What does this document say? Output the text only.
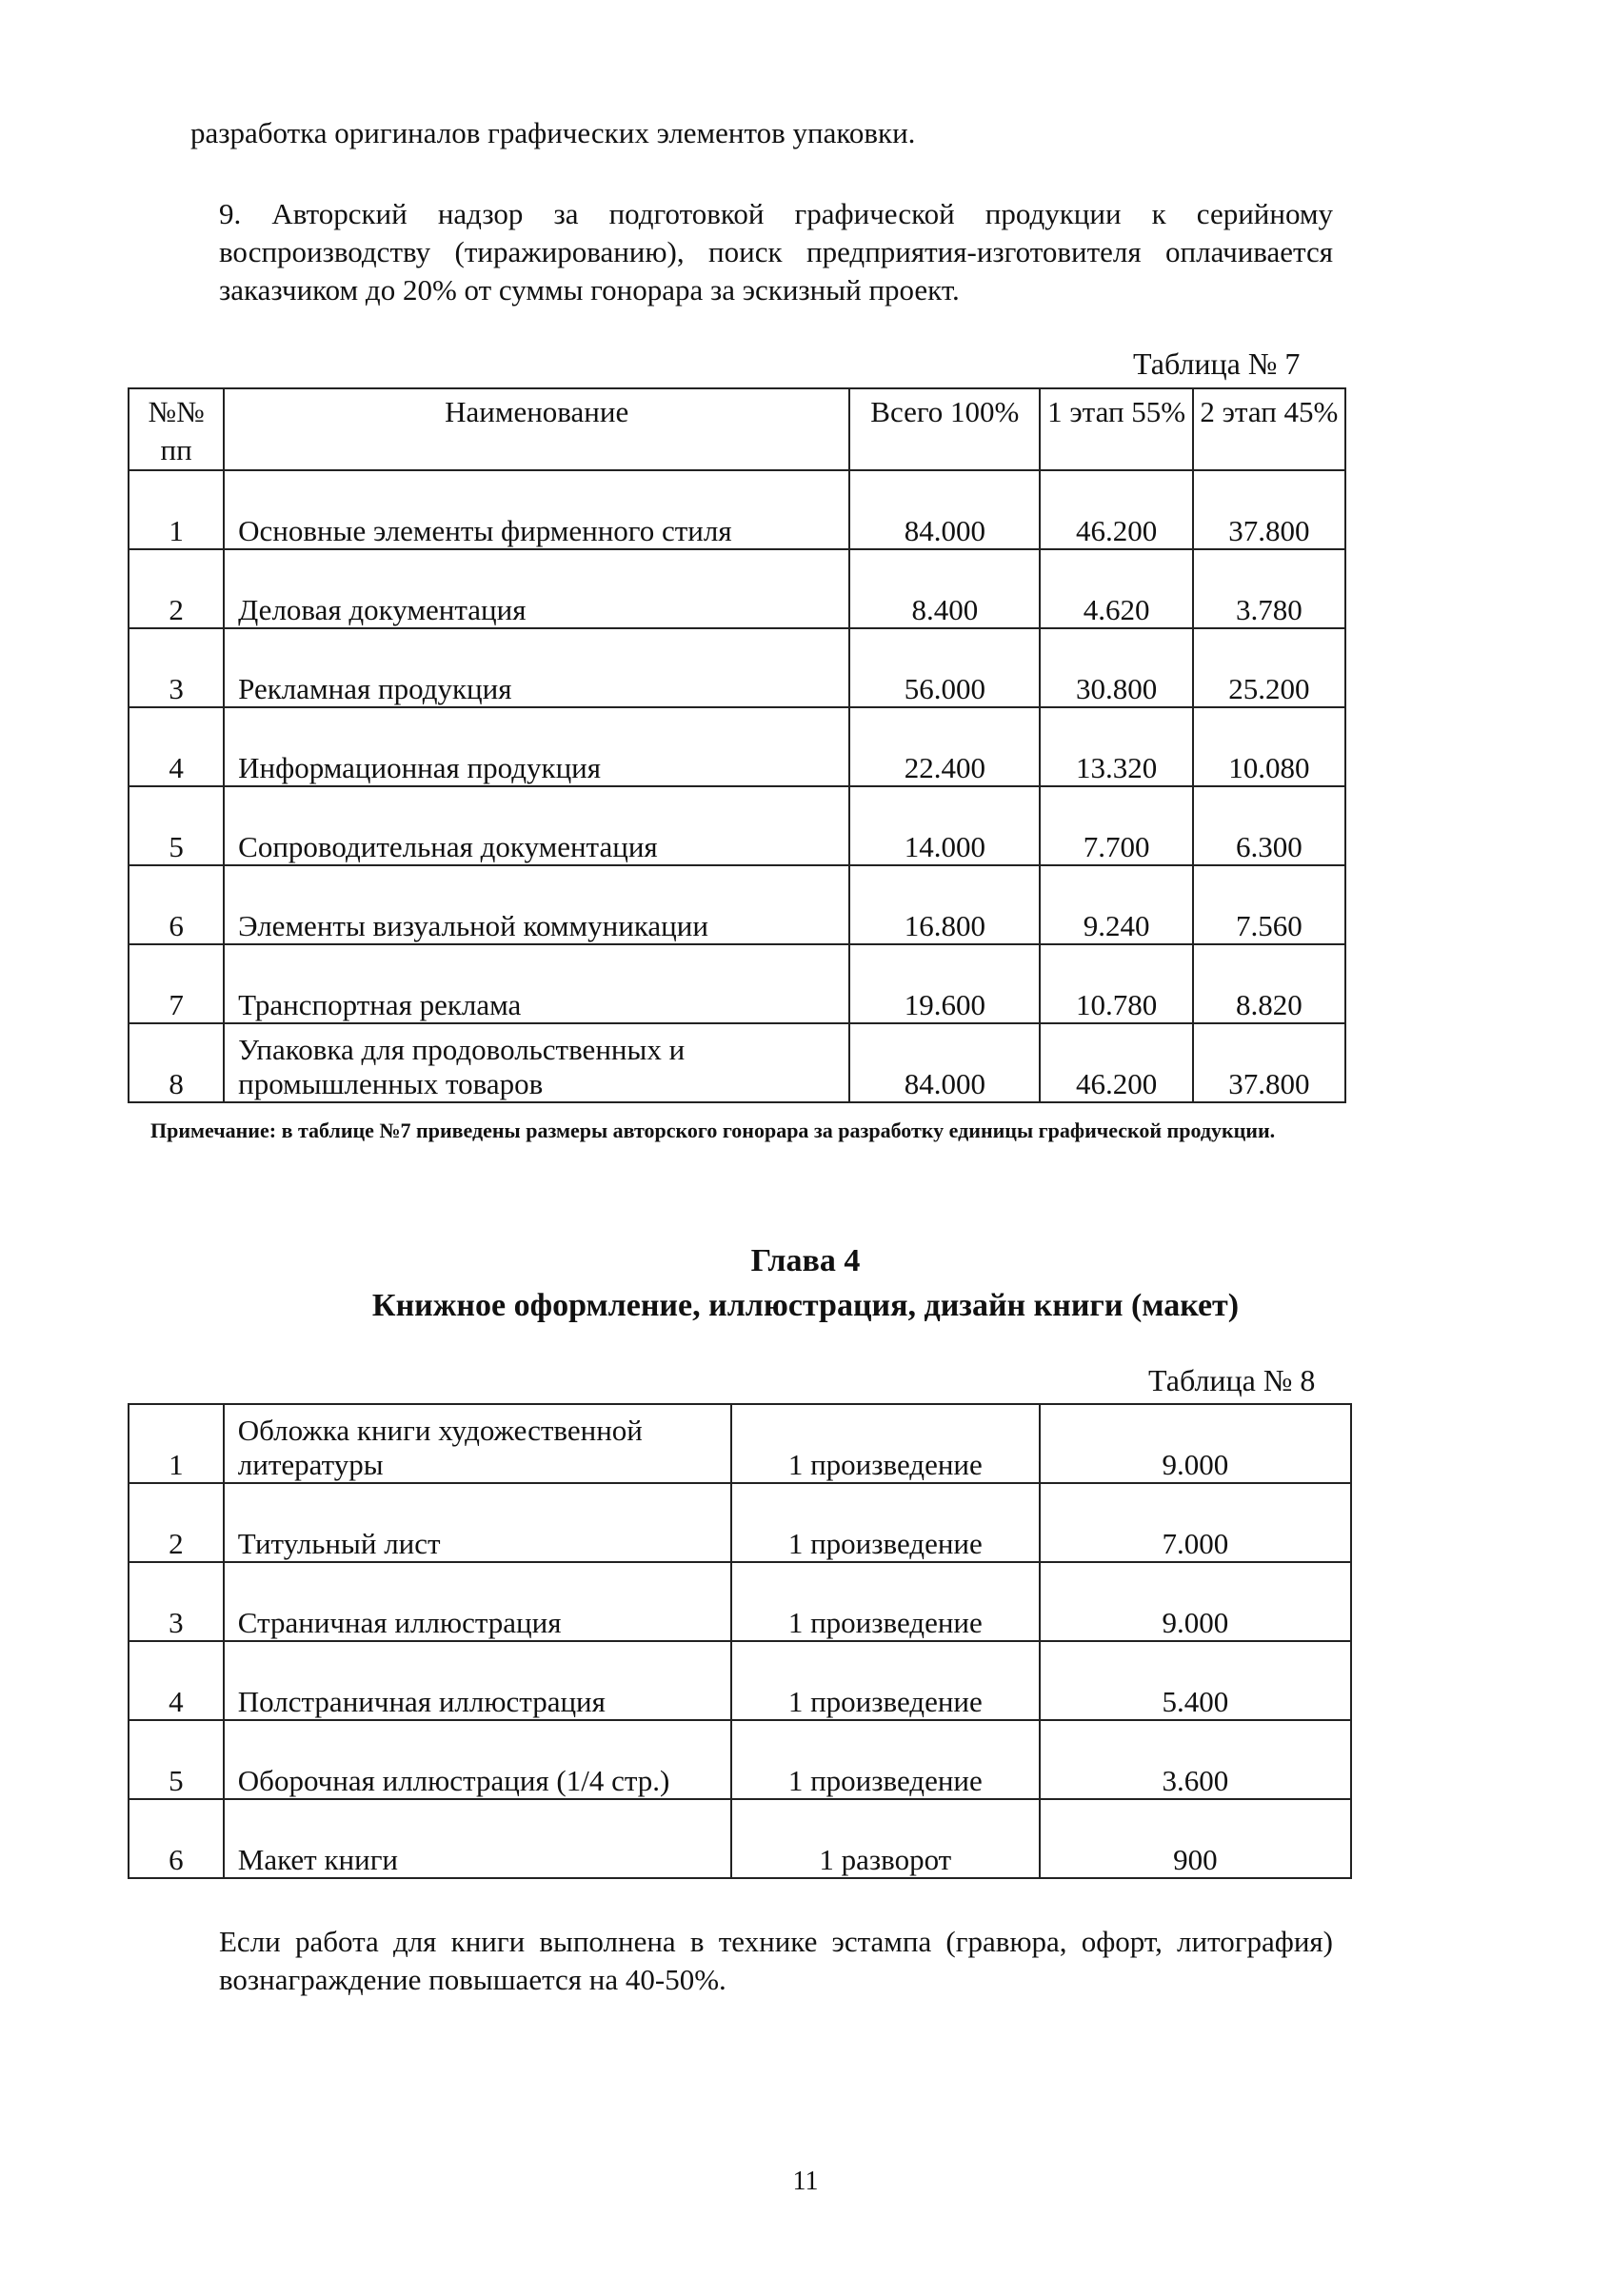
разработка оригиналов графических элементов упаковки.
9. Авторский надзор за подготовкой графической продукции к серийному воспроизводству (тиражированию), поиск предприятия-изготовителя оплачивается заказчиком до 20% от суммы гонорара за эскизный проект.
Таблица № 7
№№ пп	Наименование	Всего 100%	1 этап 55%	2 этап 45%
1	Основные элементы фирменного стиля	84.000	46.200	37.800
2	Деловая документация	8.400	4.620	3.780
3	Рекламная продукция	56.000	30.800	25.200
4	Информационная продукция	22.400	13.320	10.080
5	Сопроводительная документация	14.000	7.700	6.300
6	Элементы визуальной коммуникации	16.800	9.240	7.560
7	Транспортная реклама	19.600	10.780	8.820
8	Упаковка для продовольственных и промышленных товаров	84.000	46.200	37.800
Примечание: в таблице №7 приведены размеры авторского гонорара за разработку единицы графической продукции.
Глава 4
Книжное оформление, иллюстрация, дизайн книги (макет)
Таблица № 8
1	Обложка книги художественной литературы	1 произведение	9.000
2	Титульный лист	1 произведение	7.000
3	Страничная иллюстрация	1 произведение	9.000
4	Полстраничная иллюстрация	1 произведение	5.400
5	Оборочная иллюстрация (1/4 стр.)	1 произведение	3.600
6	Макет книги	1 разворот	900
Если работа для книги выполнена в технике эстампа (гравюра, офорт, литография) вознаграждение повышается на 40-50%.
11
